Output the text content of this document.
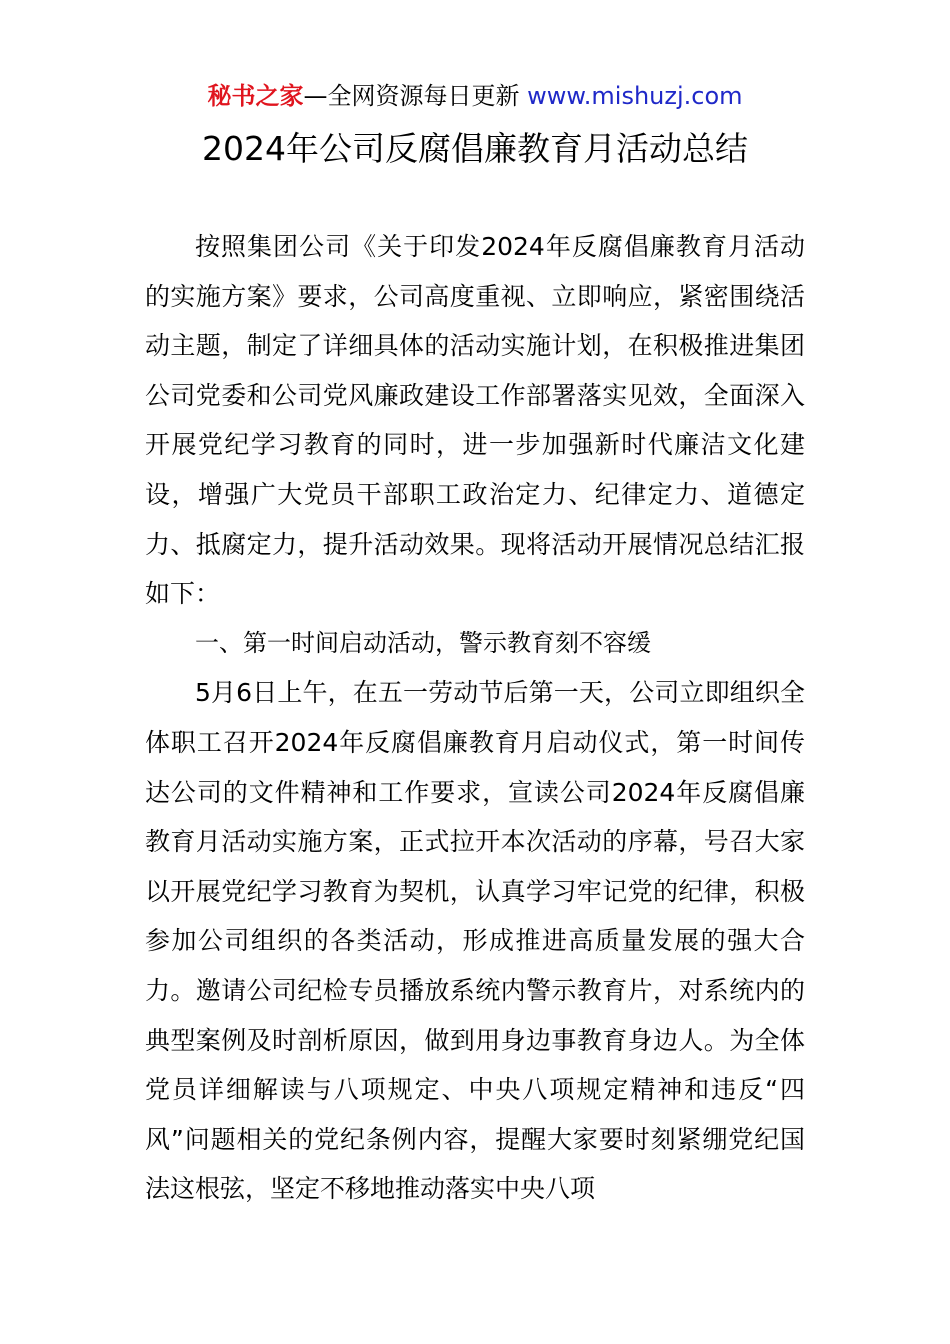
秘书之家—全网资源每日更新 www.mishuzj.com
2024年公司反腐倡廉教育月活动总结

按照集团公司《关于印发2024年反腐倡廉教育月活动的实施方案》要求，公司高度重视、立即响应，紧密围绕活动主题，制定了详细具体的活动实施计划，在积极推进集团公司党委和公司党风廉政建设工作部署落实见效，全面深入开展党纪学习教育的同时，进一步加强新时代廉洁文化建设，增强广大党员干部职工政治定力、纪律定力、道德定力、抵腐定力，提升活动效果。现将活动开展情况总结汇报如下：

一、第一时间启动活动，警示教育刻不容缓

5月6日上午，在五一劳动节后第一天，公司立即组织全体职工召开2024年反腐倡廉教育月启动仪式，第一时间传达公司的文件精神和工作要求，宣读公司2024年反腐倡廉教育月活动实施方案，正式拉开本次活动的序幕，号召大家以开展党纪学习教育为契机，认真学习牢记党的纪律，积极参加公司组织的各类活动，形成推进高质量发展的强大合力。邀请公司纪检专员播放系统内警示教育片，对系统内的典型案例及时剖析原因，做到用身边事教育身边人。为全体党员详细解读与八项规定、中央八项规定精神和违反“四风”问题相关的党纪条例内容，提醒大家要时刻紧绷党纪国法这根弦，坚定不移地推动落实中央八项
